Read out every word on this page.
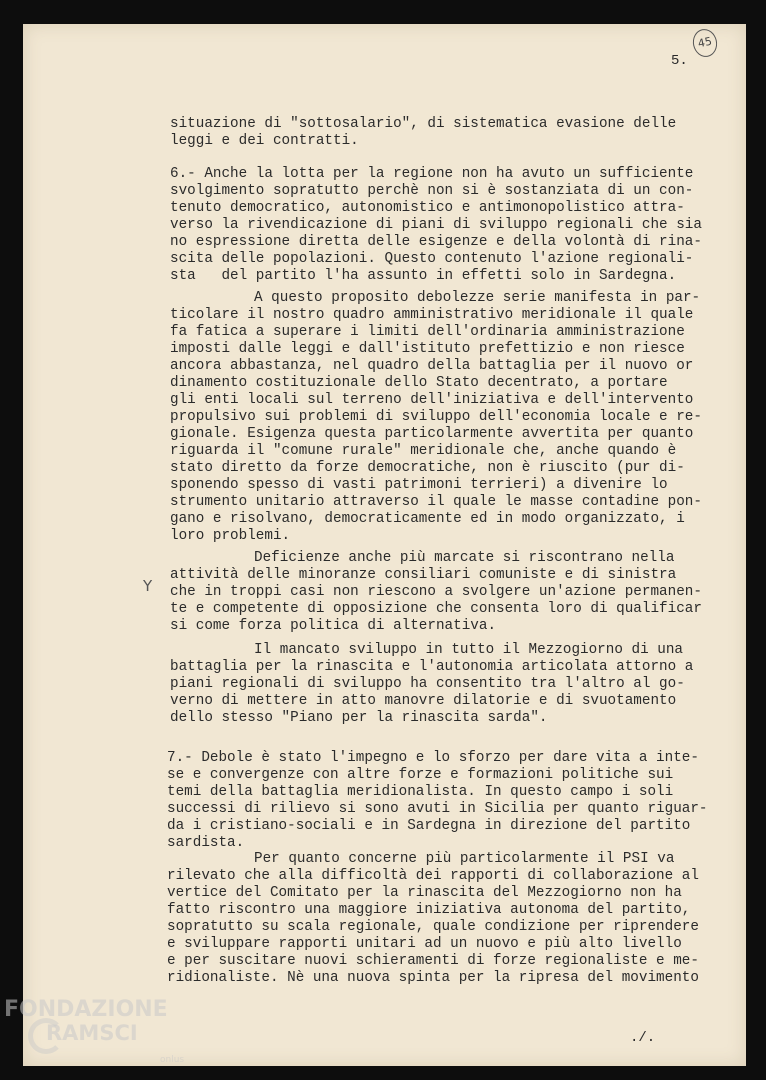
45
5.
Y

situazione di "sottosalario", di sistematica evasione delle

leggi e dei contratti.

6.- Anche la lotta per la regione non ha avuto un sufficiente

svolgimento sopratutto perchè non si è sostanziata di un con-

tenuto democratico, autonomistico e antimonopolistico attra-

verso la rivendicazione di piani di sviluppo regionali che sia

no espressione diretta delle esigenze e della volontà di rina-

scita delle popolazioni. Questo contenuto l'azione regionali-

sta   del partito l'ha assunto in effetti solo in Sardegna.

A questo proposito debolezze serie manifesta in par-

ticolare il nostro quadro amministrativo meridionale il quale

fa fatica a superare i limiti dell'ordinaria amministrazione

imposti dalle leggi e dall'istituto prefettizio e non riesce

ancora abbastanza, nel quadro della battaglia per il nuovo or

dinamento costituzionale dello Stato decentrato, a portare

gli enti locali sul terreno dell'iniziativa e dell'intervento

propulsivo sui problemi di sviluppo dell'economia locale e re-

gionale. Esigenza questa particolarmente avvertita per quanto

riguarda il "comune rurale" meridionale che, anche quando è

stato diretto da forze democratiche, non è riuscito (pur di-

sponendo spesso di vasti patrimoni terrieri) a divenire lo

strumento unitario attraverso il quale le masse contadine pon-

gano e risolvano, democraticamente ed in modo organizzato, i

loro problemi.

Deficienze anche più marcate si riscontrano nella

attività delle minoranze consiliari comuniste e di sinistra

che in troppi casi non riescono a svolgere un'azione permanen-

te e competente di opposizione che consenta loro di qualificar

si come forza politica di alternativa.

Il mancato sviluppo in tutto il Mezzogiorno di una

battaglia per la rinascita e l'autonomia articolata attorno a

piani regionali di sviluppo ha consentito tra l'altro al go-

verno di mettere in atto manovre dilatorie e di svuotamento

dello stesso "Piano per la rinascita sarda".

7.- Debole è stato l'impegno e lo sforzo per dare vita a inte-

se e convergenze con altre forze e formazioni politiche sui

temi della battaglia meridionalista. In questo campo i soli

successi di rilievo si sono avuti in Sicilia per quanto riguar-

da i cristiano-sociali e in Sardegna in direzione del partito

sardista.

Per quanto concerne più particolarmente il PSI va

rilevato che alla difficoltà dei rapporti di collaborazione al

vertice del Comitato per la rinascita del Mezzogiorno non ha

fatto riscontro una maggiore iniziativa autonoma del partito,

sopratutto su scala regionale, quale condizione per riprendere

e sviluppare rapporti unitari ad un nuovo e più alto livello

e per suscitare nuovi schieramenti di forze regionaliste e me-

ridionaliste. Nè una nuova spinta per la ripresa del movimento

./.
FONDAZIONE
RAMSCI
onlus
